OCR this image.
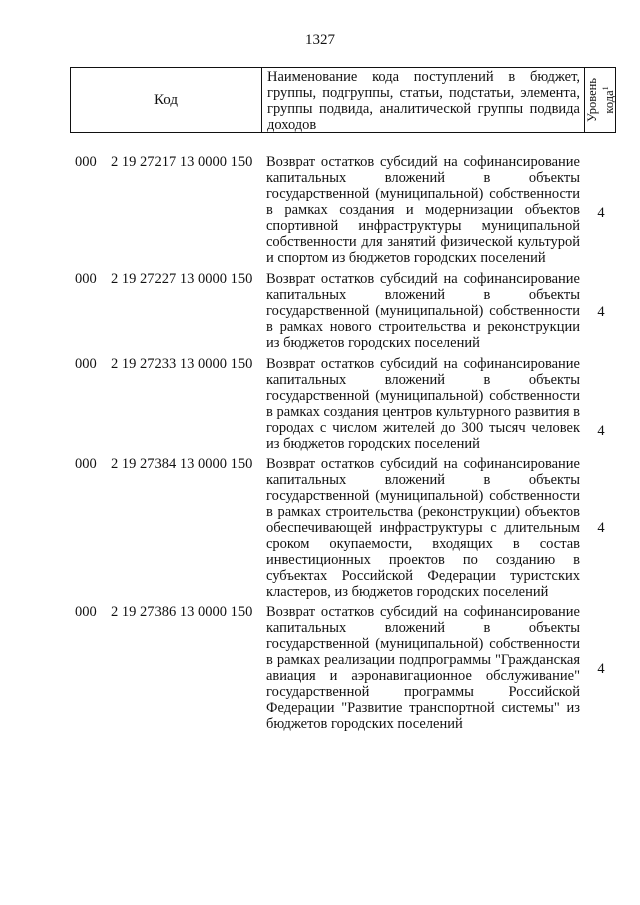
1327
Код
Наименование кода поступлений в бюджет, группы, подгруппы, статьи, подстатьи, элемента, группы подвида, аналитической группы подвида доходов
Уровень кода$^1$
000 2 19 27217 13 0000 150 Возврат остатков субсидий на софинансирование капитальных вложений в объекты государственной (муниципальной) собственности в рамках создания и модернизации объектов спортивной инфраструктуры муниципальной собственности для занятий физической культурой и спортом из бюджетов городских поселений
4
000 2 19 27227 13 0000 150 Возврат остатков субсидий на софинансирование капитальных вложений в объекты государственной (муниципальной) собственности в рамках нового строительства и реконструкции из бюджетов городских поселений
4
000 2 19 27233 13 0000 150 Возврат остатков субсидий на софинансирование капитальных вложений в объекты государственной (муниципальной) собственности в рамках создания центров культурного развития в городах с числом жителей до 300 тысяч человек из бюджетов городских поселений
4
000 2 19 27384 13 0000 150 Возврат остатков субсидий на софинансирование капитальных вложений в объекты государственной (муниципальной) собственности в рамках строительства (реконструкции) объектов обеспечивающей инфраструктуры с длительным сроком окупаемости, входящих в состав инвестиционных проектов по созданию в субъектах Российской Федерации туристских кластеров, из бюджетов городских поселений
4
000 2 19 27386 13 0000 150 Возврат остатков субсидий на софинансирование капитальных вложений в объекты государственной (муниципальной) собственности в рамках реализации подпрограммы "Гражданская авиация и аэронавигационное обслуживание" государственной программы Российской Федерации "Развитие транспортной системы" из бюджетов городских поселений
4
